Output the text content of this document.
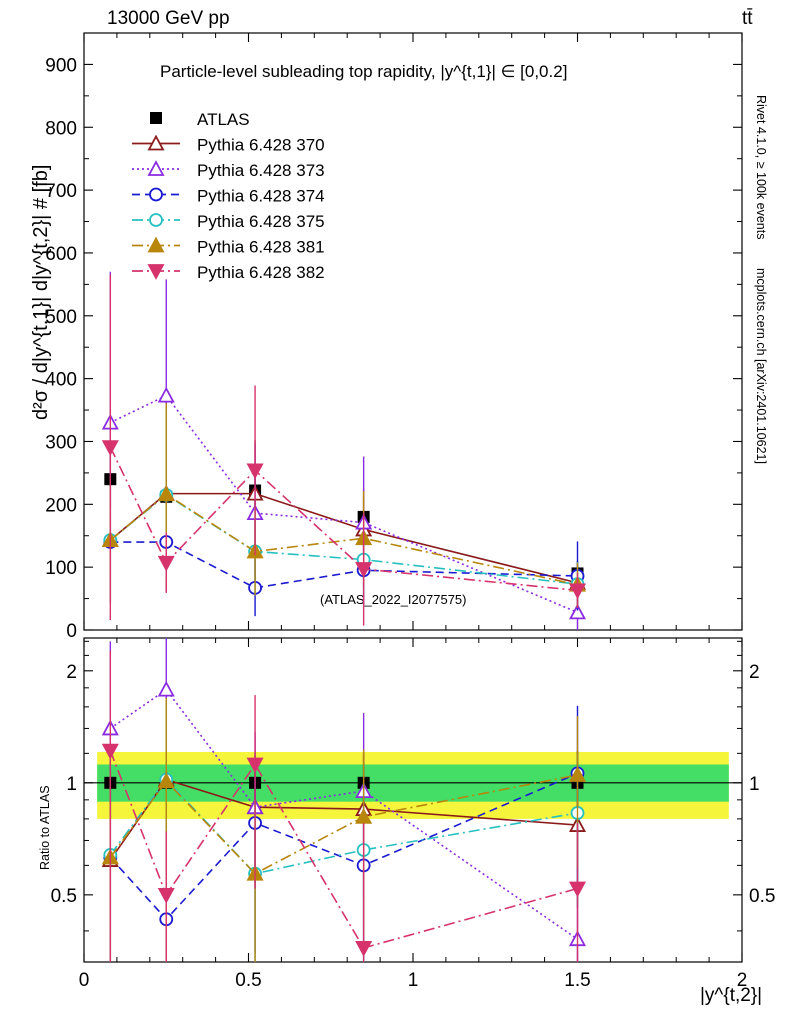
13000 GeV pp	tt̄
Rivet 4.1.0, ≥ 100k events
mcplots.cern.ch [arXiv:2401.10621]
d²σ / d|y^{t,1}| d|y^{t,2}| # [fb]
Ratio to ATLAS
|y^{t,2}|
Particle-level subleading top rapidity, |y^{t,1}| ∈ [0,0.2]
(ATLAS_2022_I2077575)
0
100
200
300
400
500
600
700
800
900
0.5	0.5
1	1
2	2
0	0.5	1	1.5	2
ATLAS
Pythia 6.428 370
Pythia 6.428 373
Pythia 6.428 374
Pythia 6.428 375
Pythia 6.428 381
Pythia 6.428 382
